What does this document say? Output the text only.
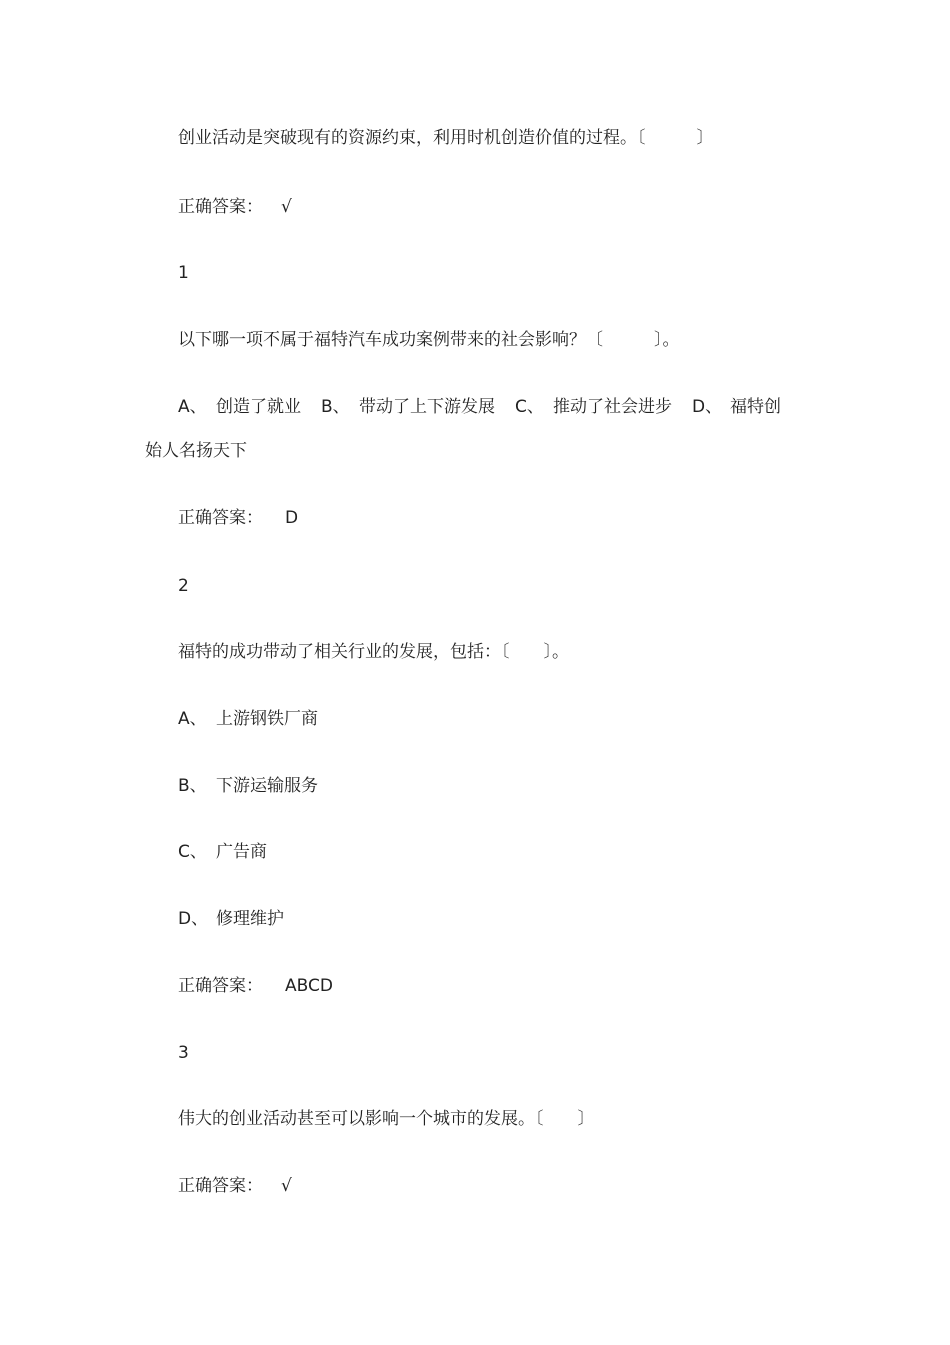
创业活动是突破现有的资源约束，利用时机创造价值的过程。〔　　　〕
正确答案： √
1
以下哪一项不属于福特汽车成功案例带来的社会影响？〔　　　〕。
A、 创造了就业 B、 带动了上下游发展 C、 推动了社会进步 D、 福特创
始人名扬天下
正确答案： D
2
福特的成功带动了相关行业的发展，包括：〔　　〕。
A、 上游钢铁厂商
B、 下游运输服务
C、 广告商
D、 修理维护
正确答案： ABCD
3
伟大的创业活动甚至可以影响一个城市的发展。〔　　〕
正确答案： √
